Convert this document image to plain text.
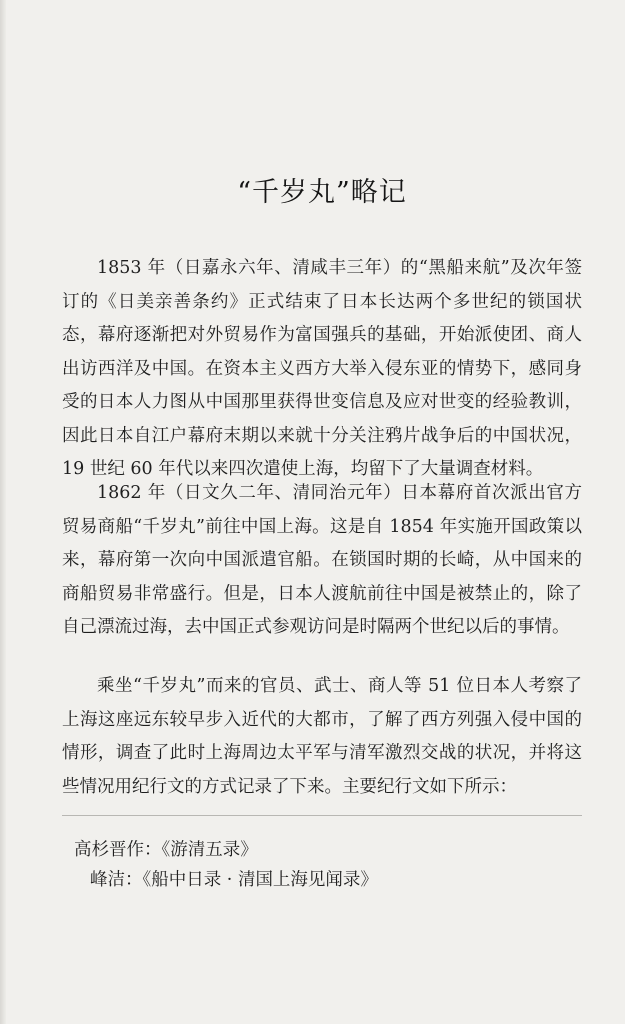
“千岁丸”略记

1853 年（日嘉永六年、清咸丰三年）的“黑船来航”及次年签订的《日美亲善条约》正式结束了日本长达两个多世纪的锁国状态，幕府逐渐把对外贸易作为富国强兵的基础，开始派使团、商人出访西洋及中国。在资本主义西方大举入侵东亚的情势下，感同身受的日本人力图从中国那里获得世变信息及应对世变的经验教训，因此日本自江户幕府末期以来就十分关注鸦片战争后的中国状况，19 世纪 60 年代以来四次遣使上海，均留下了大量调查材料。

1862 年（日文久二年、清同治元年）日本幕府首次派出官方贸易商船“千岁丸”前往中国上海。这是自 1854 年实施开国政策以来，幕府第一次向中国派遣官船。在锁国时期的长崎，从中国来的商船贸易非常盛行。但是，日本人渡航前往中国是被禁止的，除了自己漂流过海，去中国正式参观访问是时隔两个世纪以后的事情。

乘坐“千岁丸”而来的官员、武士、商人等 51 位日本人考察了上海这座远东较早步入近代的大都市，了解了西方列强入侵中国的情形，调查了此时上海周边太平军与清军激烈交战的状况，并将这些情况用纪行文的方式记录了下来。主要纪行文如下所示：

高杉晋作：《游清五录》
峰洁：《船中日录 · 清国上海见闻录》
